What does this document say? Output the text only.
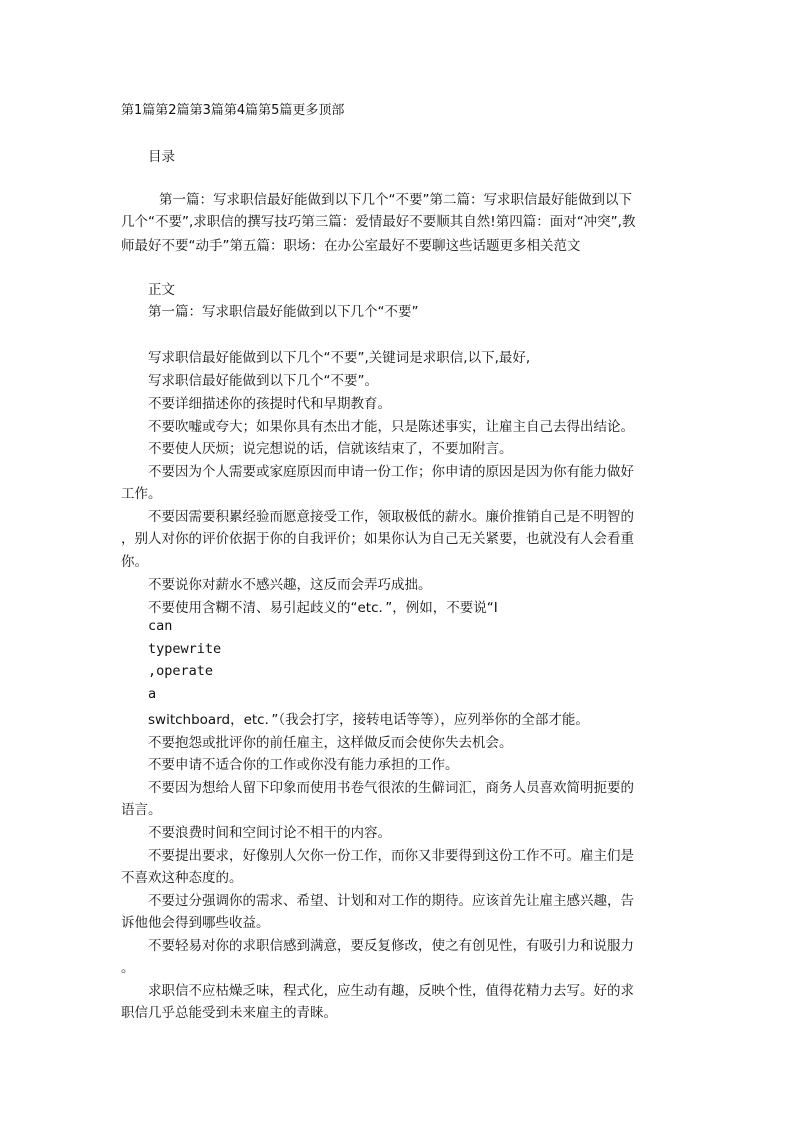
第1篇第2篇第3篇第4篇第5篇更多顶部
目录
第一篇：写求职信最好能做到以下几个“不要”第二篇：写求职信最好能做到以下
几个“不要”,求职信的撰写技巧第三篇：爱情最好不要顺其自然!第四篇：面对“冲突”,教
师最好不要“动手”第五篇：职场：在办公室最好不要聊这些话题更多相关范文
正文
第一篇：写求职信最好能做到以下几个“不要”
写求职信最好能做到以下几个“不要”,关键词是求职信,以下,最好,
写求职信最好能做到以下几个“不要”。
不要详细描述你的孩提时代和早期教育。
不要吹嘘或夸大；如果你具有杰出才能，只是陈述事实，让雇主自己去得出结论。
不要使人厌烦；说完想说的话，信就该结束了，不要加附言。
不要因为个人需要或家庭原因而申请一份工作；你申请的原因是因为你有能力做好
工作。
不要因需要积累经验而愿意接受工作，领取极低的薪水。廉价推销自己是不明智的
，别人对你的评价依据于你的自我评价；如果你认为自己无关紧要，也就没有人会看重
你。
不要说你对薪水不感兴趣，这反而会弄巧成拙。
不要使用含糊不清、易引起歧义的“etc．”，例如，不要说“I
can
typewrite
,operate
a
switchboard，etc．”（我会打字，接转电话等等），应列举你的全部才能。
不要抱怨或批评你的前任雇主，这样做反而会使你失去机会。
不要申请不适合你的工作或你没有能力承担的工作。
不要因为想给人留下印象而使用书卷气很浓的生僻词汇，商务人员喜欢简明扼要的
语言。
不要浪费时间和空间讨论不相干的内容。
不要提出要求，好像别人欠你一份工作，而你又非要得到这份工作不可。雇主们是
不喜欢这种态度的。
不要过分强调你的需求、希望、计划和对工作的期待。应该首先让雇主感兴趣，告
诉他他会得到哪些收益。
不要轻易对你的求职信感到满意，要反复修改，使之有创见性，有吸引力和说服力
。
求职信不应枯燥乏味，程式化，应生动有趣，反映个性，值得花精力去写。好的求
职信几乎总能受到未来雇主的青睐。
